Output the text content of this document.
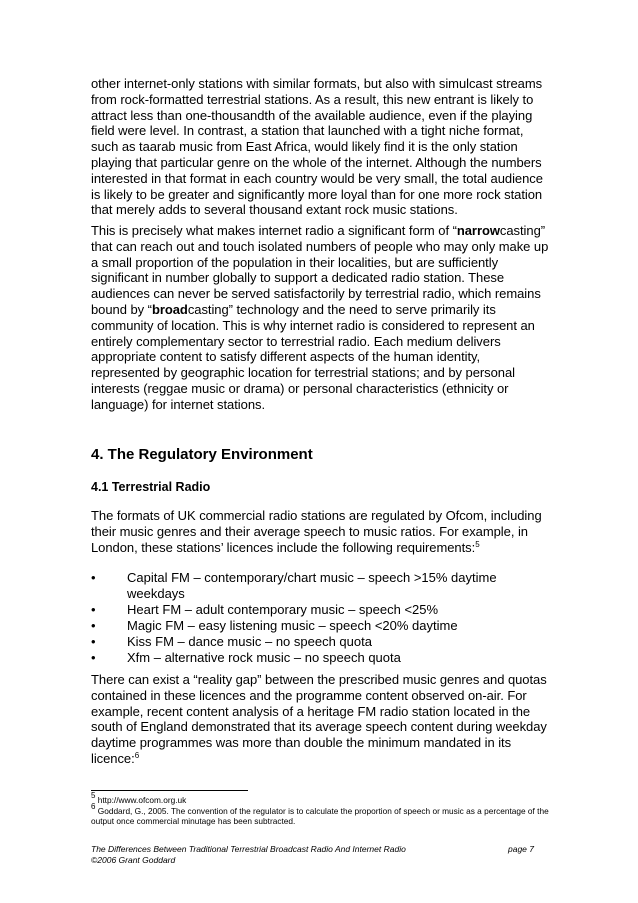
other internet-only stations with similar formats, but also with simulcast streams from rock-formatted terrestrial stations. As a result, this new entrant is likely to attract less than one-thousandth of the available audience, even if the playing field were level. In contrast, a station that launched with a tight niche format, such as taarab music from East Africa, would likely find it is the only station playing that particular genre on the whole of the internet. Although the numbers interested in that format in each country would be very small, the total audience is likely to be greater and significantly more loyal than for one more rock station that merely adds to several thousand extant rock music stations.

This is precisely what makes internet radio a significant form of “narrowcasting” that can reach out and touch isolated numbers of people who may only make up a small proportion of the population in their localities, but are sufficiently significant in number globally to support a dedicated radio station. These audiences can never be served satisfactorily by terrestrial radio, which remains bound by “broadcasting” technology and the need to serve primarily its community of location. This is why internet radio is considered to represent an entirely complementary sector to terrestrial radio. Each medium delivers appropriate content to satisfy different aspects of the human identity, represented by geographic location for terrestrial stations; and by personal interests (reggae music or drama) or personal characteristics (ethnicity or language) for internet stations.

4. The Regulatory Environment
4.1 Terrestrial Radio

The formats of UK commercial radio stations are regulated by Ofcom, including their music genres and their average speech to music ratios. For example, in London, these stations’ licences include the following requirements:$^5$

• Capital FM – contemporary/chart music – speech >15% daytime weekdays
• Heart FM – adult contemporary music – speech <25%
• Magic FM – easy listening music – speech <20% daytime
• Kiss FM – dance music – no speech quota
• Xfm – alternative rock music – no speech quota

There can exist a “reality gap” between the prescribed music genres and quotas contained in these licences and the programme content observed on-air. For example, recent content analysis of a heritage FM radio station located in the south of England demonstrated that its average speech content during weekday daytime programmes was more than double the minimum mandated in its licence:$^6$

$^5$ http://www.ofcom.org.uk
$^6$ Goddard, G., 2005. The convention of the regulator is to calculate the proportion of speech or music as a percentage of the output once commercial minutage has been subtracted.
The Differences Between Traditional Terrestrial Broadcast Radio And Internet Radio
©2006 Grant Goddard
page 7
